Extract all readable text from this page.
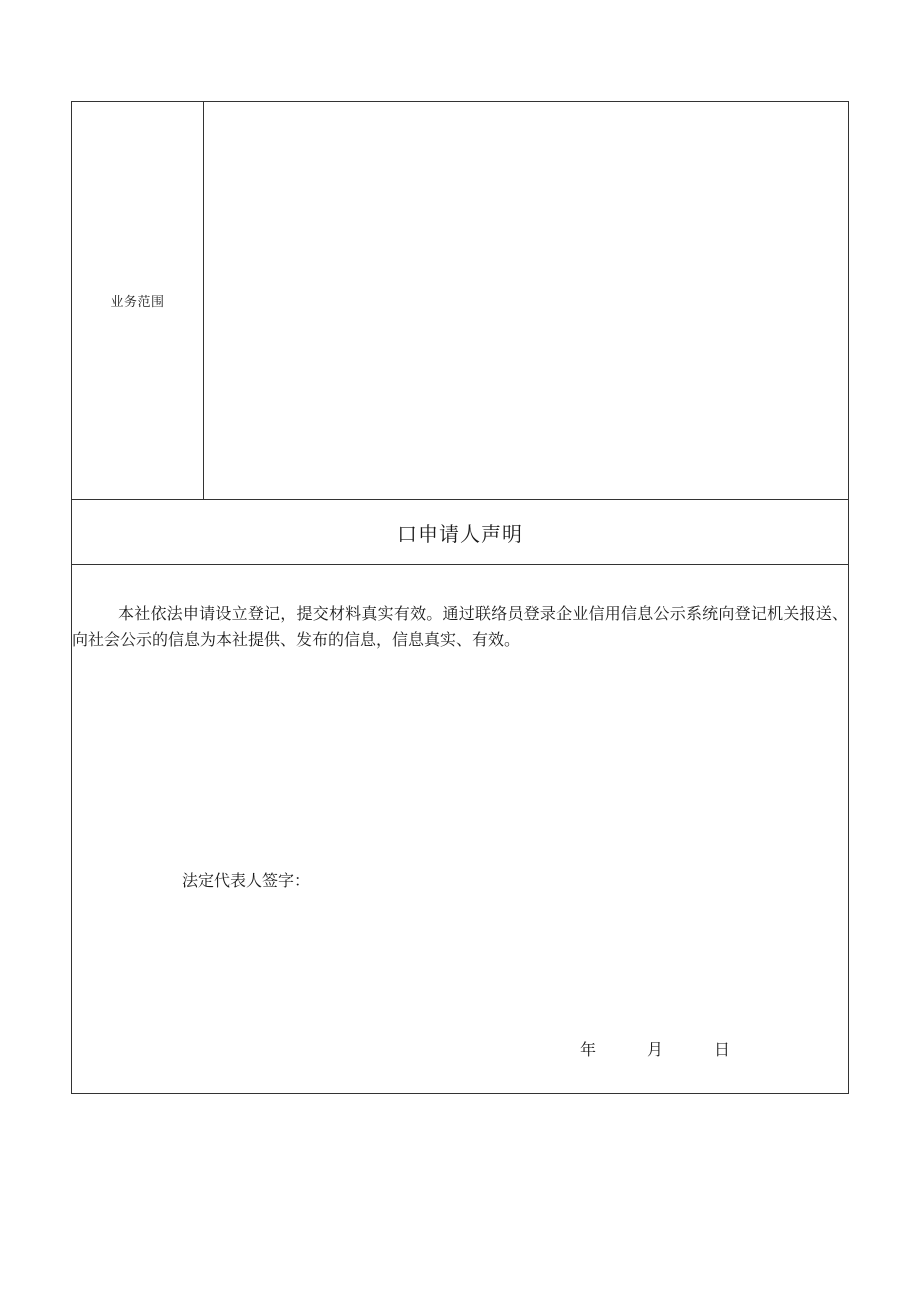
业务范围
口申请人声明

本社依法申请设立登记，提交材料真实有效。通过联络员登录企业信用信息公示系统向登记机关报送、向社会公示的信息为本社提供、发布的信息，信息真实、有效。

法定代表人签字：
年	月	日
